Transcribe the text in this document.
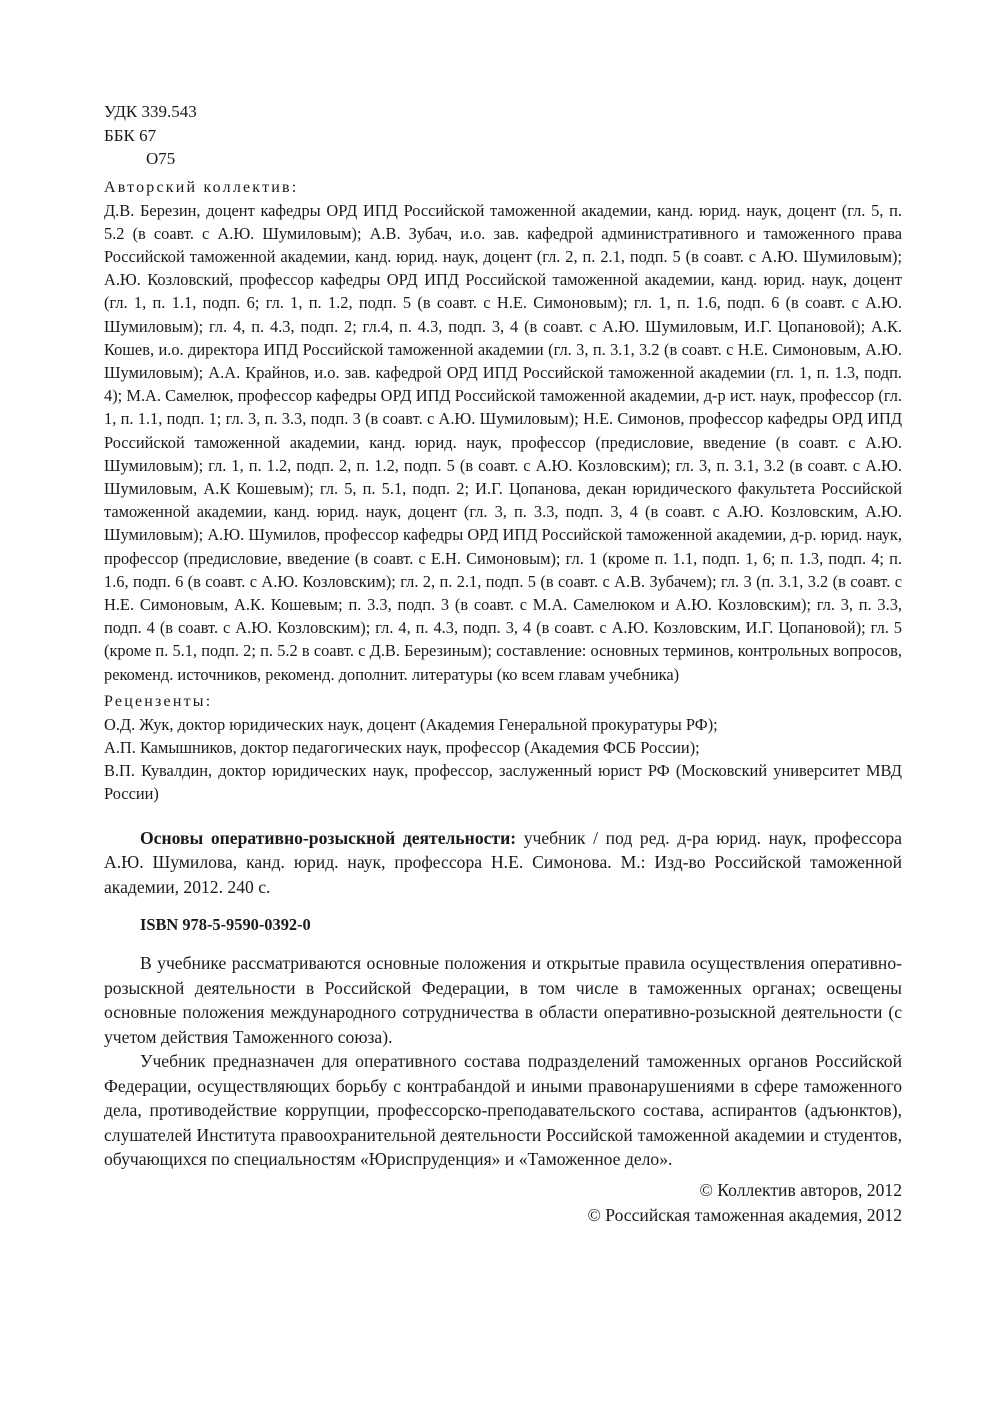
УДК 339.543
ББК 67
О75
Авторский коллектив:
Д.В. Березин, доцент кафедры ОРД ИПД Российской таможенной академии, канд. юрид. наук, доцент (гл. 5, п. 5.2 (в соавт. с А.Ю. Шумиловым); А.В. Зубач, и.о. зав. кафедрой административного и таможенного права Российской таможенной академии, канд. юрид. наук, доцент (гл. 2, п. 2.1, подп. 5 (в соавт. с А.Ю. Шумиловым); А.Ю. Козловский, профессор кафедры ОРД ИПД Российской таможенной академии, канд. юрид. наук, доцент (гл. 1, п. 1.1, подп. 6; гл. 1, п. 1.2, подп. 5 (в соавт. с Н.Е. Симоновым); гл. 1, п. 1.6, подп. 6 (в соавт. с А.Ю. Шумиловым); гл. 4, п. 4.3, подп. 2; гл.4, п. 4.3, подп. 3, 4 (в соавт. с А.Ю. Шумиловым, И.Г. Цопановой); А.К. Кошев, и.о. директора ИПД Российской таможенной академии (гл. 3, п. 3.1, 3.2 (в соавт. с Н.Е. Симоновым, А.Ю. Шумиловым); А.А. Крайнов, и.о. зав. кафедрой ОРД ИПД Российской таможенной академии (гл. 1, п. 1.3, подп. 4); М.А. Самелюк, профессор кафедры ОРД ИПД Российской таможенной академии, д-р ист. наук, профессор (гл. 1, п. 1.1, подп. 1; гл. 3, п. 3.3, подп. 3 (в соавт. с А.Ю. Шумиловым); Н.Е. Симонов, профессор кафедры ОРД ИПД Российской таможенной академии, канд. юрид. наук, профессор (предисловие, введение (в соавт. с А.Ю. Шумиловым); гл. 1, п. 1.2, подп. 2, п. 1.2, подп. 5 (в соавт. с А.Ю. Козловским); гл. 3, п. 3.1, 3.2 (в соавт. с А.Ю. Шумиловым, А.К Кошевым); гл. 5, п. 5.1, подп. 2; И.Г. Цопанова, декан юридического факультета Российской таможенной академии, канд. юрид. наук, доцент (гл. 3, п. 3.3, подп. 3, 4 (в соавт. с А.Ю. Козловским, А.Ю. Шумиловым); А.Ю. Шумилов, профессор кафедры ОРД ИПД Российской таможенной академии, д-р. юрид. наук, профессор (предисловие, введение (в соавт. с Е.Н. Симоновым); гл. 1 (кроме п. 1.1, подп. 1, 6; п. 1.3, подп. 4; п. 1.6, подп. 6 (в соавт. с А.Ю. Козловским); гл. 2, п. 2.1, подп. 5 (в соавт. с А.В. Зубачем); гл. 3 (п. 3.1, 3.2 (в соавт. с Н.Е. Симоновым, А.К. Кошевым; п. 3.3, подп. 3 (в соавт. с М.А. Самелюком и А.Ю. Козловским); гл. 3, п. 3.3, подп. 4 (в соавт. с А.Ю. Козловским); гл. 4, п. 4.3, подп. 3, 4 (в соавт. с А.Ю. Козловским, И.Г. Цопановой); гл. 5 (кроме п. 5.1, подп. 2; п. 5.2 в соавт. с Д.В. Березиным); составление: основных терминов, контрольных вопросов, рекоменд. источников, рекоменд. дополнит. литературы (ко всем главам учебника)
Рецензенты:
О.Д. Жук, доктор юридических наук, доцент (Академия Генеральной прокуратуры РФ);
А.П. Камышников, доктор педагогических наук, профессор (Академия ФСБ России);
В.П. Кувалдин, доктор юридических наук, профессор, заслуженный юрист РФ (Московский университет МВД России)
Основы оперативно-розыскной деятельности: учебник / под ред. д-ра юрид. наук, профессора А.Ю. Шумилова, канд. юрид. наук, профессора Н.Е. Симонова. М.: Изд-во Российской таможенной академии, 2012. 240 с.
ISBN 978-5-9590-0392-0

В учебнике рассматриваются основные положения и открытые правила осуществления оперативно-розыскной деятельности в Российской Федерации, в том числе в таможенных органах; освещены основные положения международного сотрудничества в области оперативно-розыскной деятельности (с учетом действия Таможенного союза).

Учебник предназначен для оперативного состава подразделений таможенных органов Российской Федерации, осуществляющих борьбу с контрабандой и иными правонарушениями в сфере таможенного дела, противодействие коррупции, профессорско-преподавательского состава, аспирантов (адъюнктов), слушателей Института правоохранительной деятельности Российской таможенной академии и студентов, обучающихся по специальностям «Юриспруденция» и «Таможенное дело».

© Коллектив авторов, 2012
© Российская таможенная академия, 2012
